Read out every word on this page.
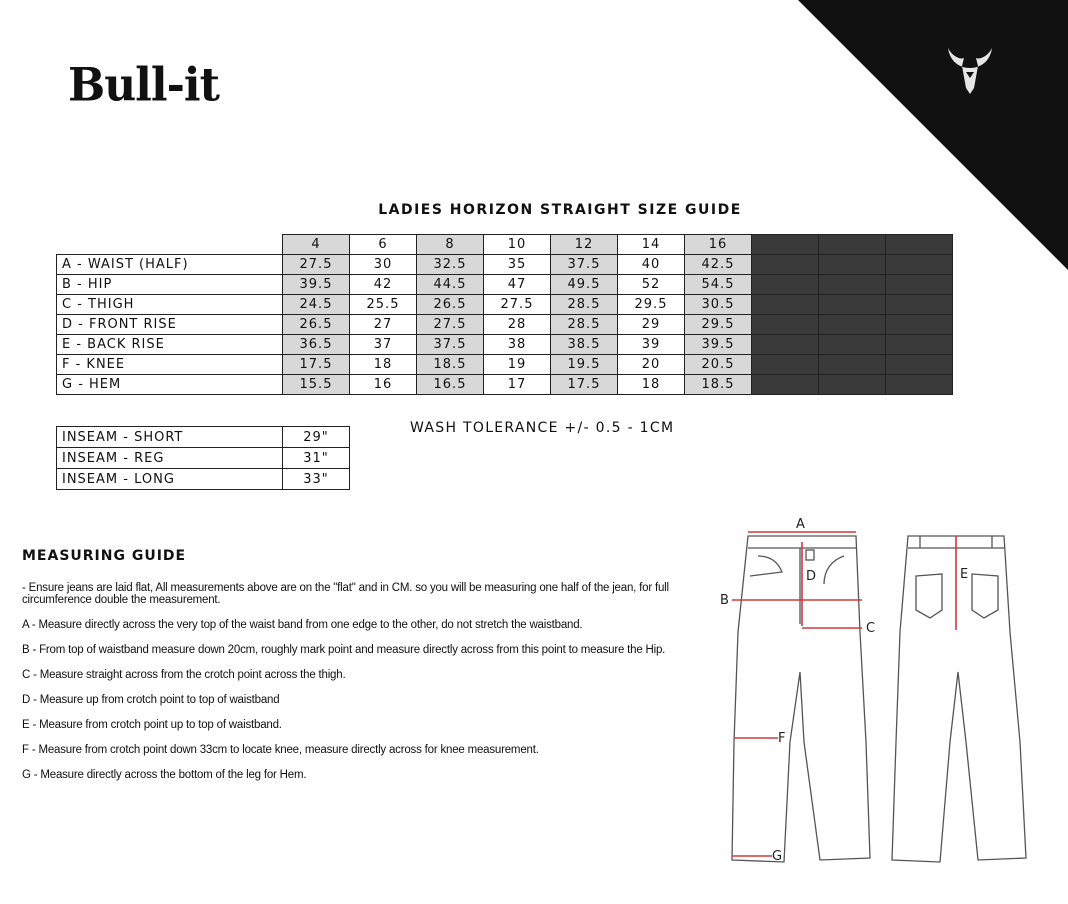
Bull-it
LADIES HORIZON STRAIGHT SIZE GUIDE
	4	6	8	10	12	14	16			
A - WAIST (HALF)	27.5	30	32.5	35	37.5	40	42.5			
B - HIP	39.5	42	44.5	47	49.5	52	54.5			
C - THIGH	24.5	25.5	26.5	27.5	28.5	29.5	30.5			
D - FRONT RISE	26.5	27	27.5	28	28.5	29	29.5			
E - BACK RISE	36.5	37	37.5	38	38.5	39	39.5			
F - KNEE	17.5	18	18.5	19	19.5	20	20.5			
G - HEM	15.5	16	16.5	17	17.5	18	18.5			
WASH TOLERANCE +/- 0.5 - 1CM
INSEAM - SHORT	29"
INSEAM - REG	31"
INSEAM - LONG	33"
MEASURING GUIDE
- Ensure jeans are laid flat, All measurements above are on the "flat" and in CM. so you will be measuring one half of the jean, for full circumference double the measurement.
A - Measure directly across the very top of the waist band from one edge to the other, do not stretch the waistband.
B - From top of waistband measure down 20cm, roughly mark point and measure directly across from this point to measure the Hip.
C - Measure straight across from the crotch point across the thigh.
D - Measure up from crotch point to top of waistband
E - Measure from crotch point up to top of waistband.
F - Measure from crotch point down 33cm to locate knee, measure directly across for knee measurement.
G - Measure directly across the bottom of the leg for Hem.
A
B
C
D	E
F
G
